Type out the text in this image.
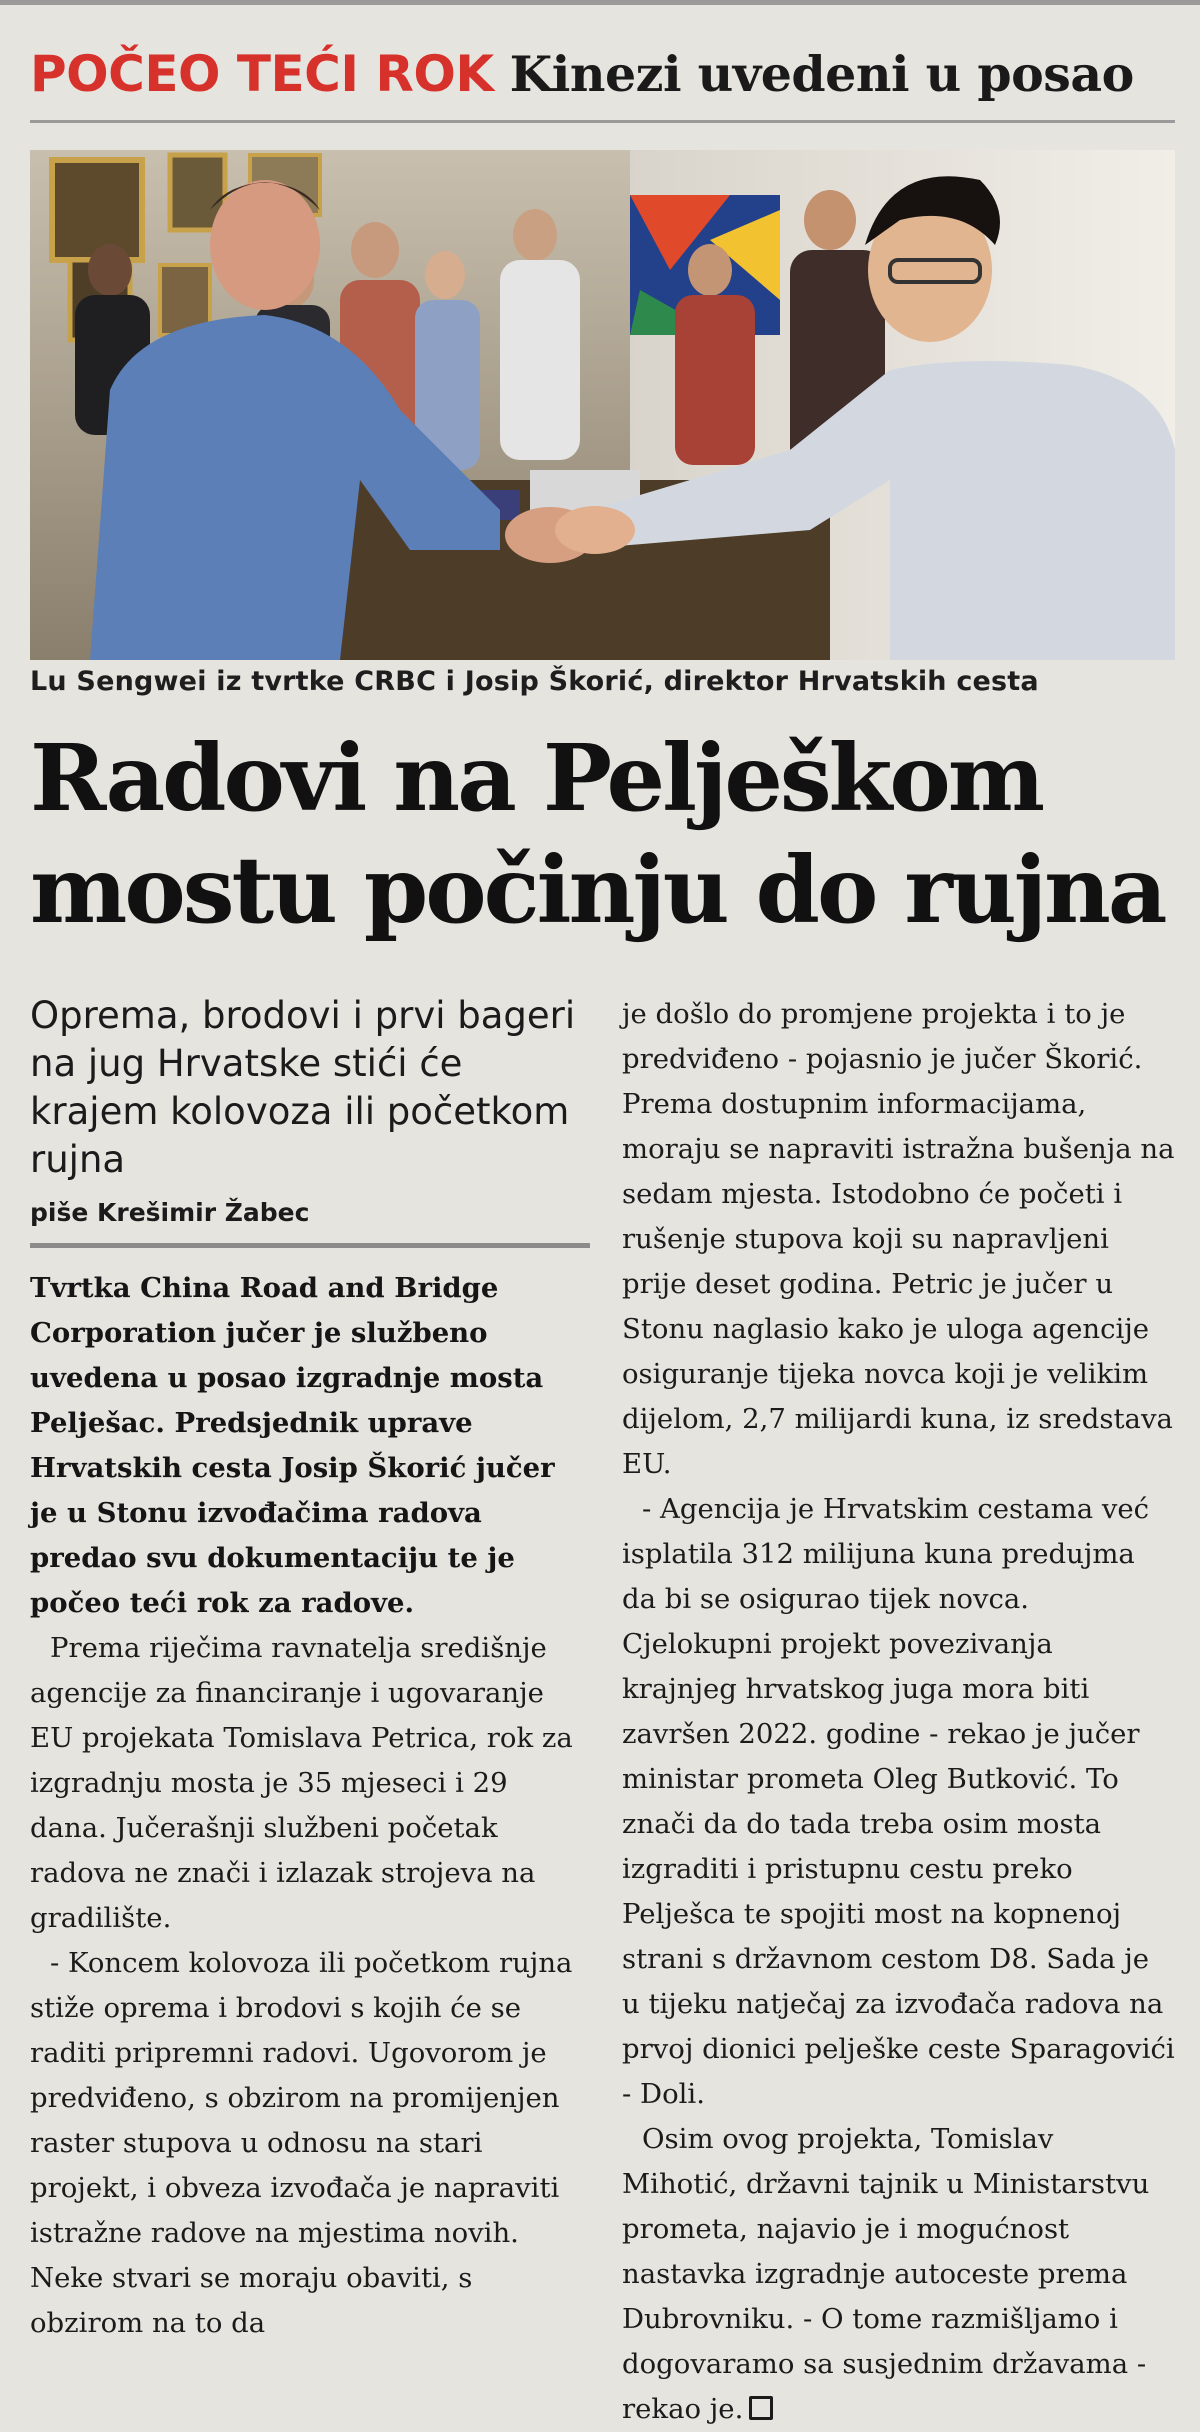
POČEO TEĆI ROK Kinezi uvedeni u posao
Lu Sengwei iz tvrtke CRBC i Josip Škorić, direktor Hrvatskih cesta
Radovi na Pelješkom
mostu počinju do rujna

Oprema, brodovi i prvi bageri na jug Hrvatske stići će krajem kolovoza ili početkom rujna

piše Krešimir Žabec

Tvrtka China Road and Bridge Corporation jučer je službeno uvedena u posao izgradnje mosta Pelješac. Predsjednik uprave Hrvatskih cesta Josip Škorić jučer je u Stonu izvođačima radova predao svu dokumentaciju te je počeo teći rok za radove.

Prema riječima ravnatelja središnje agencije za financiranje i ugovaranje EU projekata Tomislava Petrica, rok za izgradnju mosta je 35 mjeseci i 29 dana. Jučerašnji službeni početak radova ne znači i izlazak strojeva na gradilište.

- Koncem kolovoza ili početkom rujna stiže oprema i brodovi s kojih će se raditi pripremni radovi. Ugovorom je predviđeno, s obzirom na promijenjen raster stupova u odnosu na stari projekt, i obveza izvođača je napraviti istražne radove na mjestima novih. Neke stvari se moraju obaviti, s obzirom na to da

je došlo do promjene projekta i to je predviđeno - pojasnio je jučer Škorić. Prema dostupnim informacijama, moraju se napraviti istražna bušenja na sedam mjesta. Istodobno će početi i rušenje stupova koji su napravljeni prije deset godina. Petric je jučer u Stonu naglasio kako je uloga agencije osiguranje tijeka novca koji je velikim dijelom, 2,7 milijardi kuna, iz sredstava EU.

- Agencija je Hrvatskim cestama već isplatila 312 milijuna kuna predujma da bi se osigurao tijek novca. Cjelokupni projekt povezivanja krajnjeg hrvatskog juga mora biti završen 2022. godine - rekao je jučer ministar prometa Oleg Butković. To znači da do tada treba osim mosta izgraditi i pristupnu cestu preko Pelješca te spojiti most na kopnenoj strani s državnom cestom D8. Sada je u tijeku natječaj za izvođača radova na prvoj dionici pelješke ceste Sparagovići - Doli.

Osim ovog projekta, Tomislav Mihotić, državni tajnik u Ministarstvu prometa, najavio je i mogućnost nastavka izgradnje autoceste prema Dubrovniku. - O tome razmišljamo i dogovaramo sa susjednim državama - rekao je.
